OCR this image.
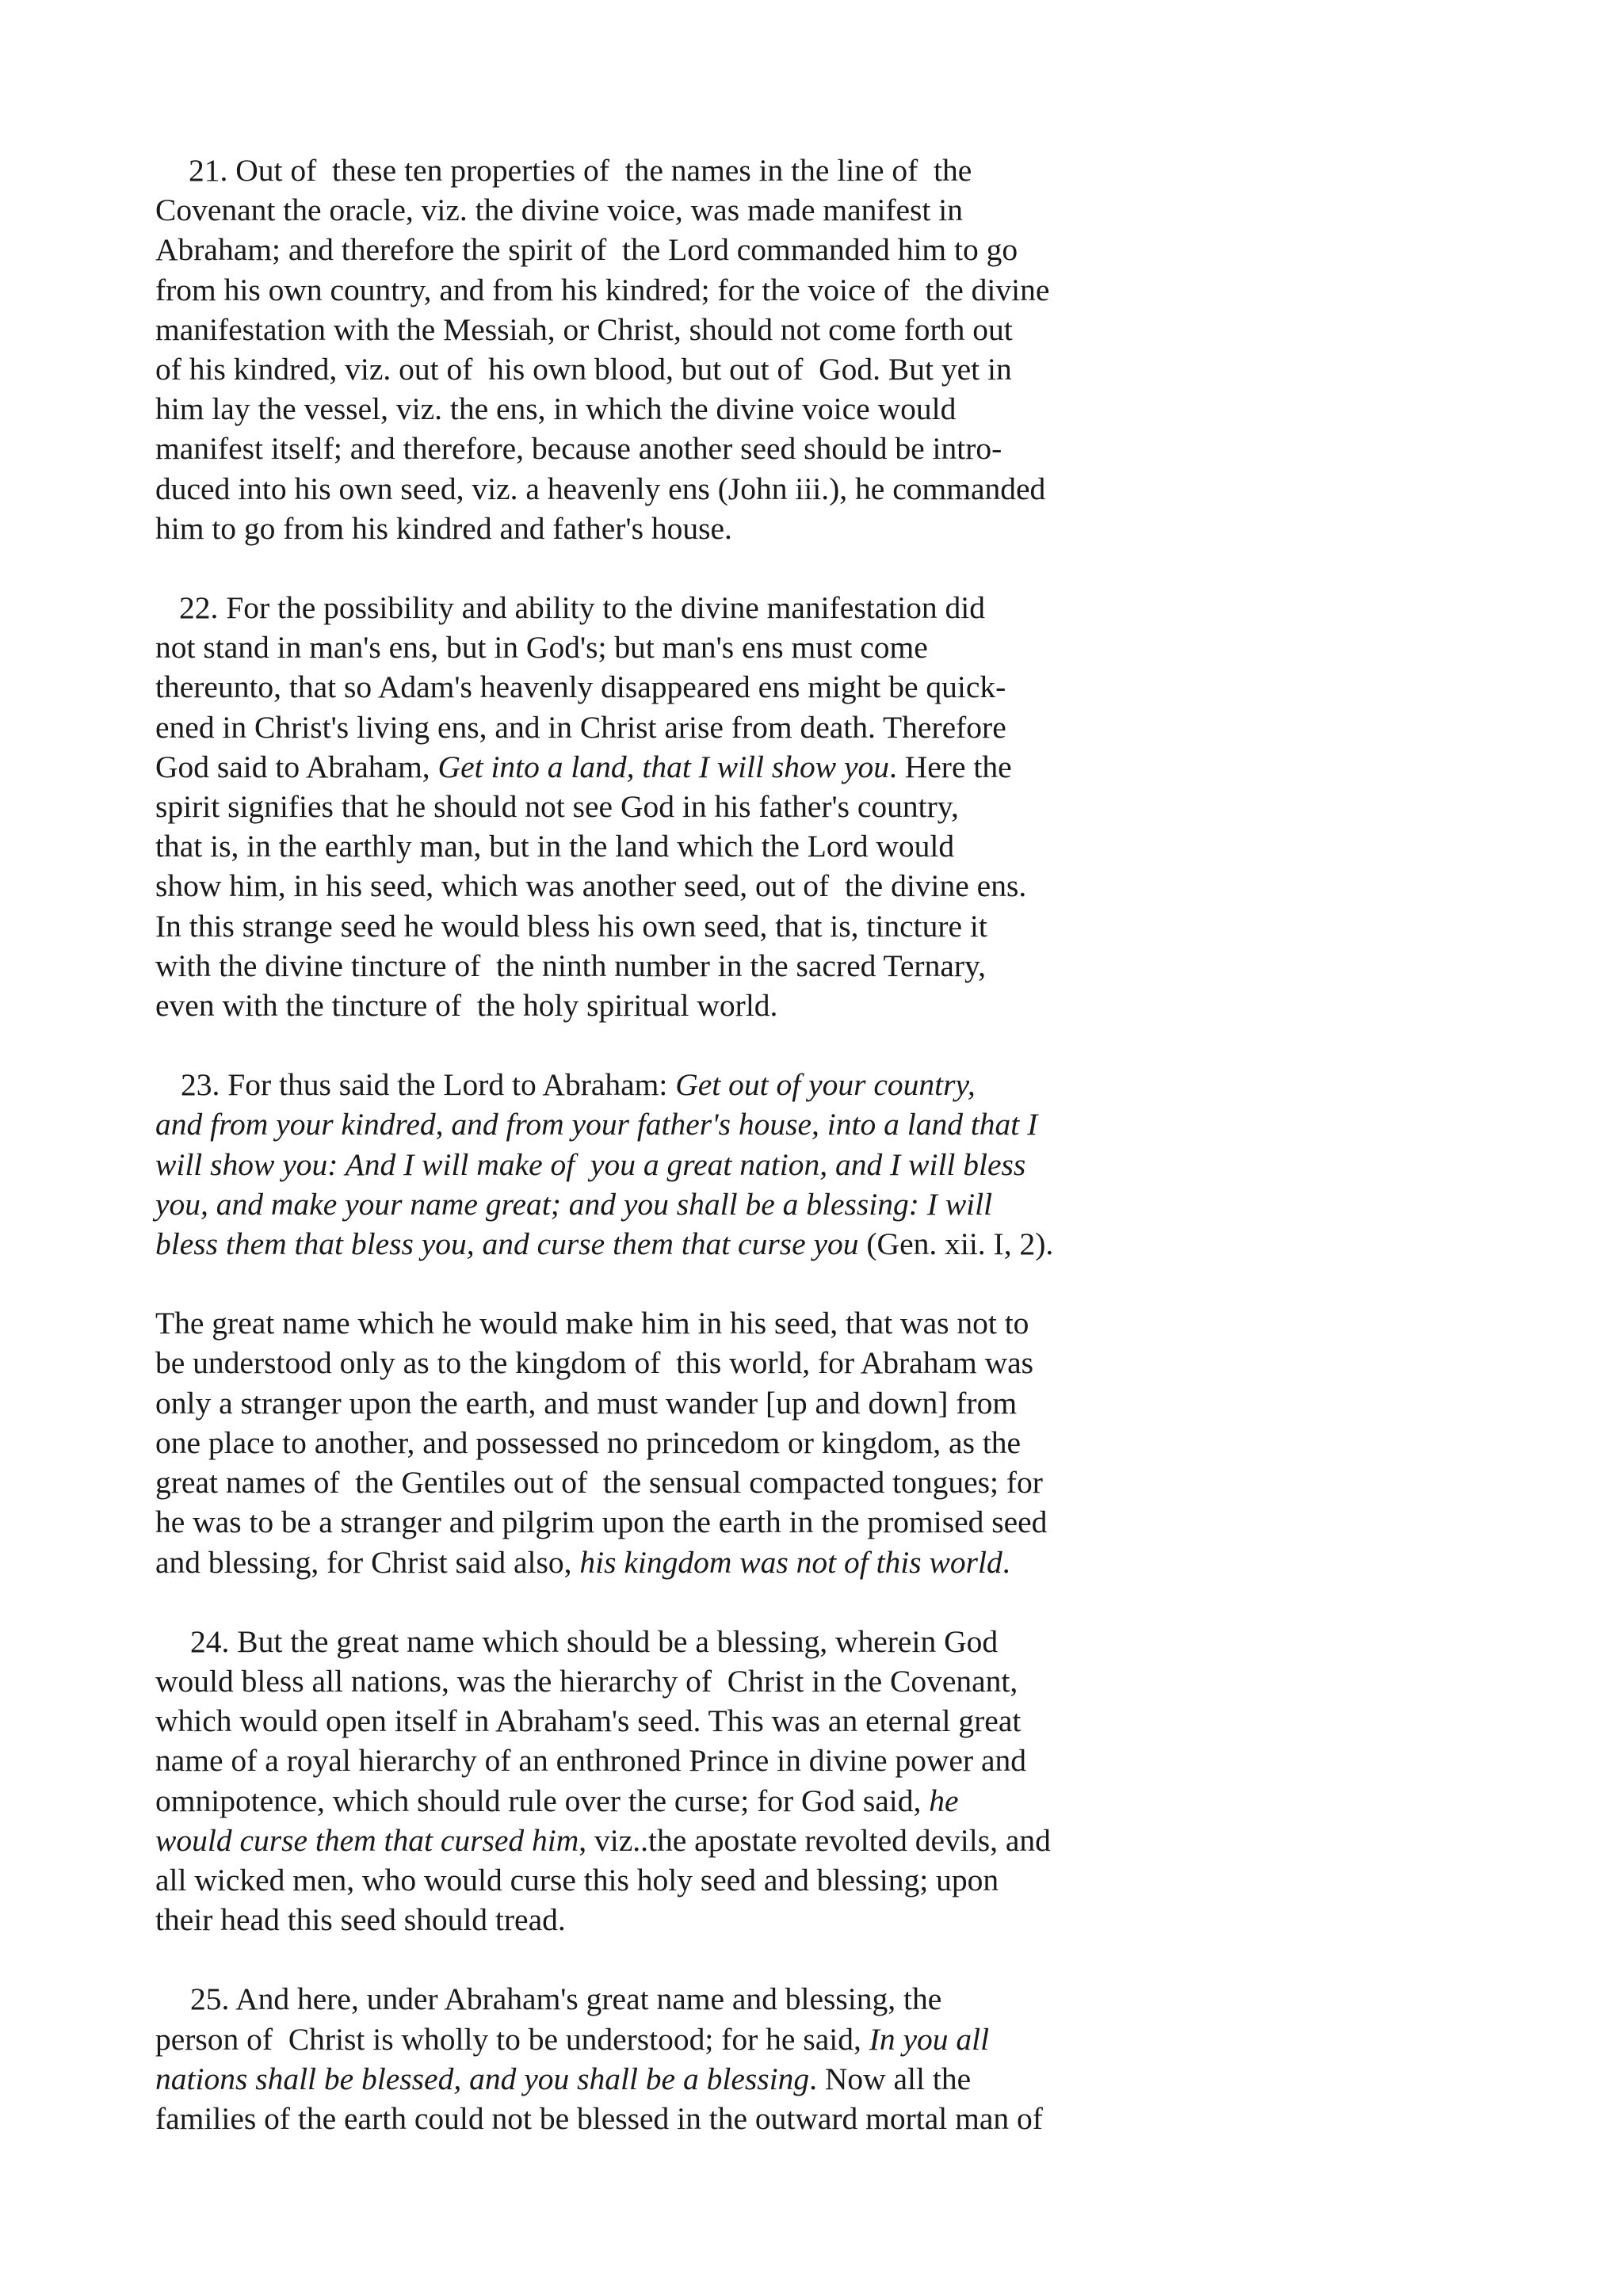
21. Out of  these ten properties of  the names in the line of  the
Covenant the oracle, viz. the divine voice, was made manifest in
Abraham; and therefore the spirit of  the Lord commanded him to go
from his own country, and from his kindred; for the voice of  the divine
manifestation with the Messiah, or Christ, should not come forth out
of his kindred, viz. out of  his own blood, but out of  God. But yet in
him lay the vessel, viz. the ens, in which the divine voice would
manifest itself; and therefore, because another seed should be intro-
duced into his own seed, viz. a heavenly ens (John iii.), he commanded
him to go from his kindred and father's house.
22. For the possibility and ability to the divine manifestation did
not stand in man's ens, but in God's; but man's ens must come
thereunto, that so Adam's heavenly disappeared ens might be quick-
ened in Christ's living ens, and in Christ arise from death. Therefore
God said to Abraham, Get into a land, that I will show you. Here the
spirit signifies that he should not see God in his father's country,
that is, in the earthly man, but in the land which the Lord would
show him, in his seed, which was another seed, out of  the divine ens.
In this strange seed he would bless his own seed, that is, tincture it
with the divine tincture of  the ninth number in the sacred Ternary,
even with the tincture of  the holy spiritual world.
23. For thus said the Lord to Abraham: Get out of your country,
and from your kindred, and from your father's house, into a land that I
will show you: And I will make of  you a great nation, and I will bless
you, and make your name great; and you shall be a blessing: I will
bless them that bless you, and curse them that curse you (Gen. xii. I, 2).
The great name which he would make him in his seed, that was not to
be understood only as to the kingdom of  this world, for Abraham was
only a stranger upon the earth, and must wander [up and down] from
one place to another, and possessed no princedom or kingdom, as the
great names of  the Gentiles out of  the sensual compacted tongues; for
he was to be a stranger and pilgrim upon the earth in the promised seed
and blessing, for Christ said also, his kingdom was not of this world.
24. But the great name which should be a blessing, wherein God
would bless all nations, was the hierarchy of  Christ in the Covenant,
which would open itself in Abraham's seed. This was an eternal great
name of a royal hierarchy of an enthroned Prince in divine power and
omnipotence, which should rule over the curse; for God said, he
would curse them that cursed him, viz..the apostate revolted devils, and
all wicked men, who would curse this holy seed and blessing; upon
their head this seed should tread.
25. And here, under Abraham's great name and blessing, the
person of  Christ is wholly to be understood; for he said, In you all
nations shall be blessed, and you shall be a blessing. Now all the
families of the earth could not be blessed in the outward mortal man of
